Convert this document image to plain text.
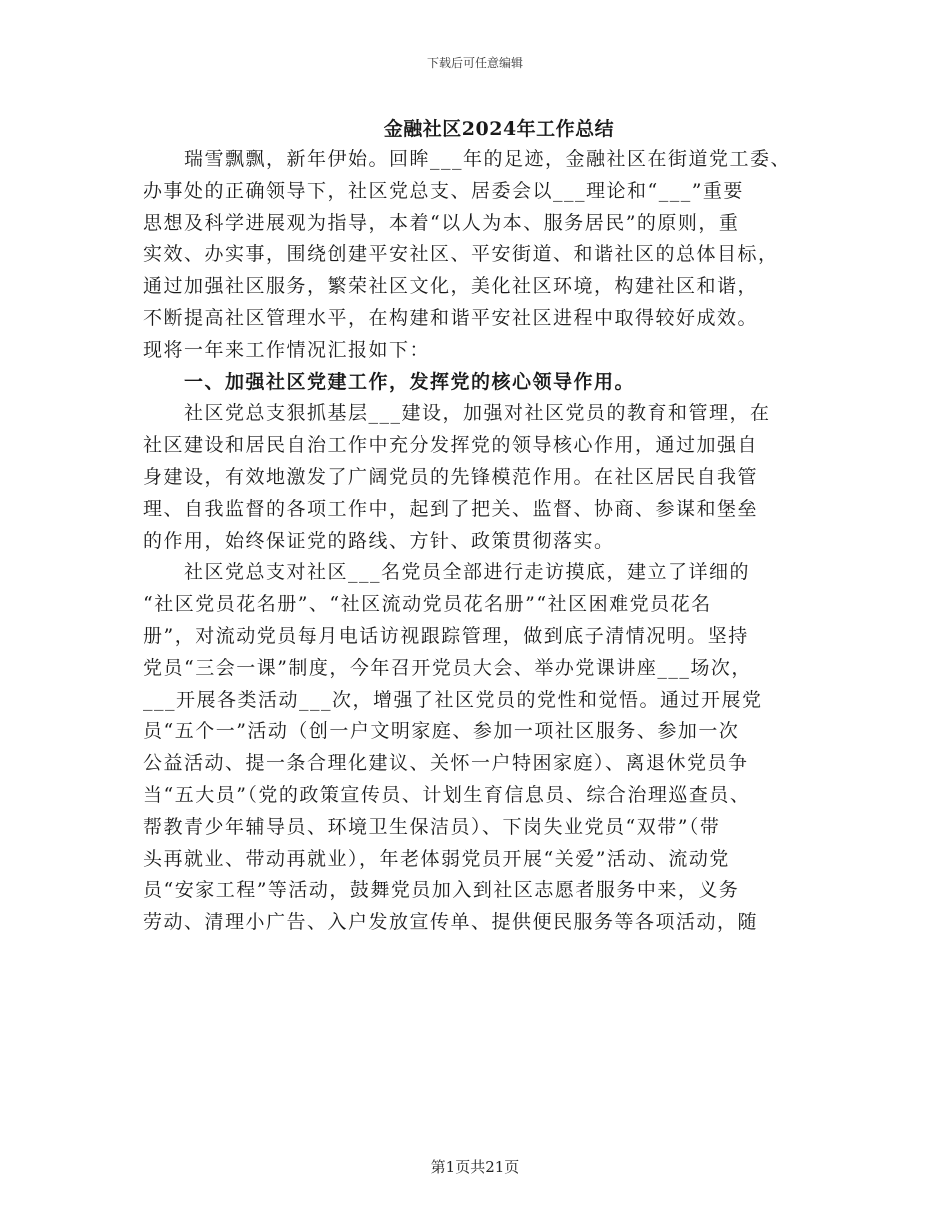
下载后可任意编辑
金融社区2024年工作总结
　　瑞雪飘飘，新年伊始。回眸___年的足迹，金融社区在街道党工委、
办事处的正确领导下，社区党总支、居委会以___理论和“___”重要
思想及科学进展观为指导，本着“以人为本、服务居民”的原则，重
实效、办实事，围绕创建平安社区、平安街道、和谐社区的总体目标，
通过加强社区服务，繁荣社区文化，美化社区环境，构建社区和谐，
不断提高社区管理水平，在构建和谐平安社区进程中取得较好成效。
现将一年来工作情况汇报如下：
　　一、加强社区党建工作，发挥党的核心领导作用。
　　社区党总支狠抓基层___建设，加强对社区党员的教育和管理，在
社区建设和居民自治工作中充分发挥党的领导核心作用，通过加强自
身建设，有效地激发了广阔党员的先锋模范作用。在社区居民自我管
理、自我监督的各项工作中，起到了把关、监督、协商、参谋和堡垒
的作用，始终保证党的路线、方针、政策贯彻落实。
　　社区党总支对社区___名党员全部进行走访摸底，建立了详细的
“社区党员花名册”、“社区流动党员花名册”“社区困难党员花名
册”，对流动党员每月电话访视跟踪管理，做到底子清情况明。坚持
党员“三会一课”制度，今年召开党员大会、举办党课讲座___场次，
___开展各类活动___次，增强了社区党员的党性和觉悟。通过开展党
员“五个一”活动（创一户文明家庭、参加一项社区服务、参加一次
公益活动、提一条合理化建议、关怀一户特困家庭）、离退休党员争
当“五大员”（党的政策宣传员、计划生育信息员、综合治理巡查员、
帮教青少年辅导员、环境卫生保洁员）、下岗失业党员“双带”（带
头再就业、带动再就业），年老体弱党员开展“关爱”活动、流动党
员“安家工程”等活动，鼓舞党员加入到社区志愿者服务中来，义务
劳动、清理小广告、入户发放宣传单、提供便民服务等各项活动，随
第1页共21页
